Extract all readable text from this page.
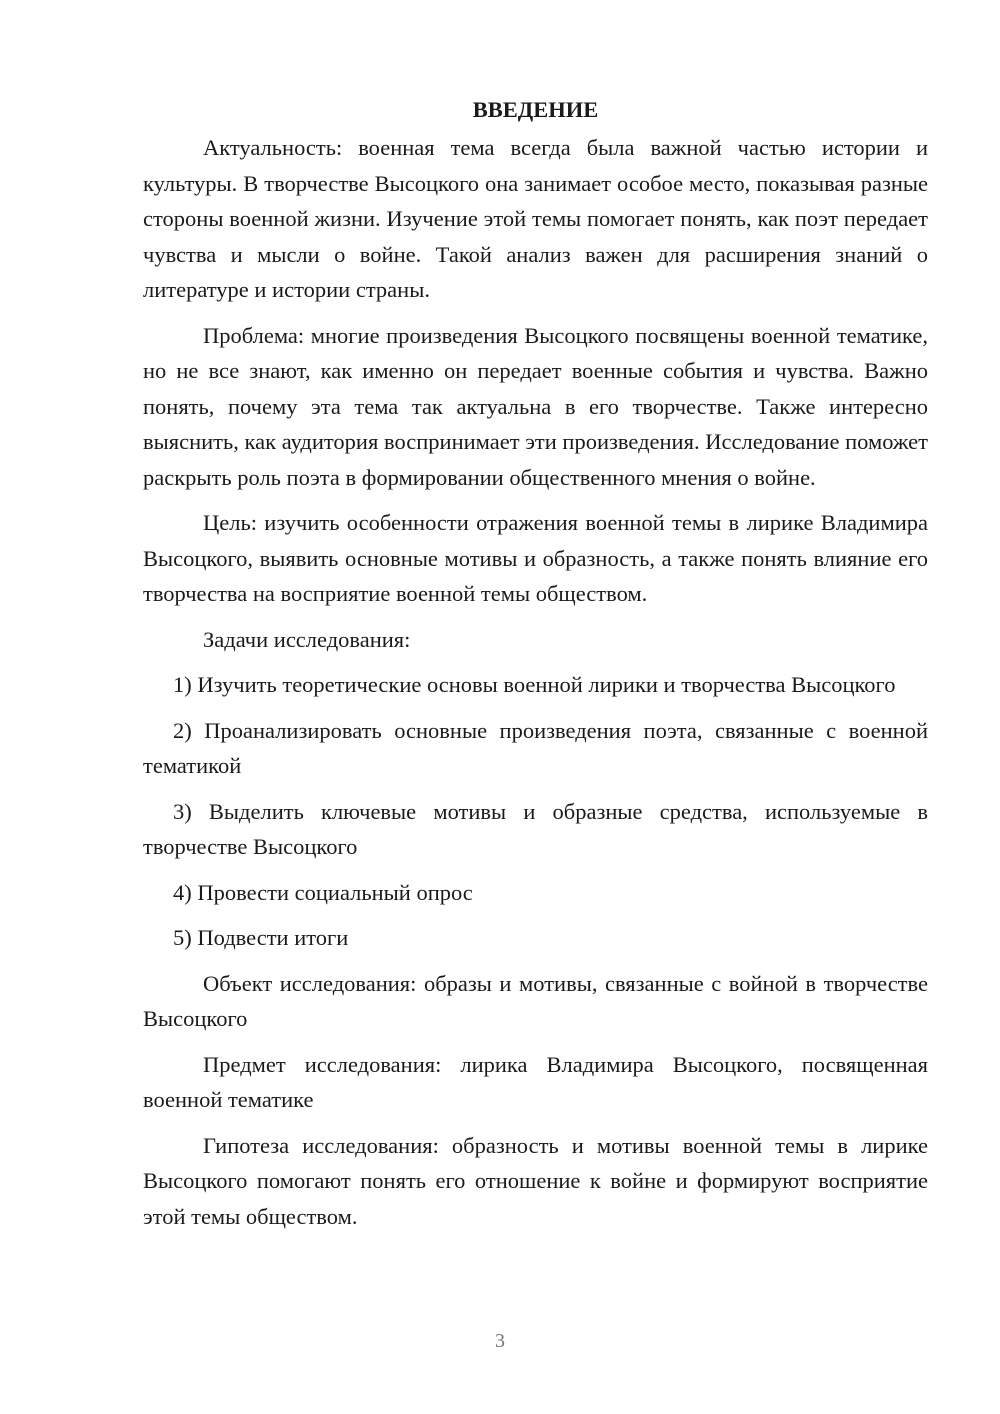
ВВЕДЕНИЕ

Актуальность: военная тема всегда была важной частью истории и культуры. В творчестве Высоцкого она занимает особое место, показывая разные стороны военной жизни. Изучение этой темы помогает понять, как поэт передает чувства и мысли о войне. Такой анализ важен для расширения знаний о литературе и истории страны.

Проблема: многие произведения Высоцкого посвящены военной тематике, но не все знают, как именно он передает военные события и чувства. Важно понять, почему эта тема так актуальна в его творчестве. Также интересно выяснить, как аудитория воспринимает эти произведения. Исследование поможет раскрыть роль поэта в формировании общественного мнения о войне.

Цель: изучить особенности отражения военной темы в лирике Владимира Высоцкого, выявить основные мотивы и образность, а также понять влияние его творчества на восприятие военной темы обществом.

Задачи исследования:

1) Изучить теоретические основы военной лирики и творчества Высоцкого

2) Проанализировать основные произведения поэта, связанные с военной тематикой

3) Выделить ключевые мотивы и образные средства, используемые в творчестве Высоцкого

4) Провести социальный опрос

5) Подвести итоги

Объект исследования: образы и мотивы, связанные с войной в творчестве Высоцкого

Предмет исследования: лирика Владимира Высоцкого, посвященная военной тематике

Гипотеза исследования: образность и мотивы военной темы в лирике Высоцкого помогают понять его отношение к войне и формируют восприятие этой темы обществом.

3
